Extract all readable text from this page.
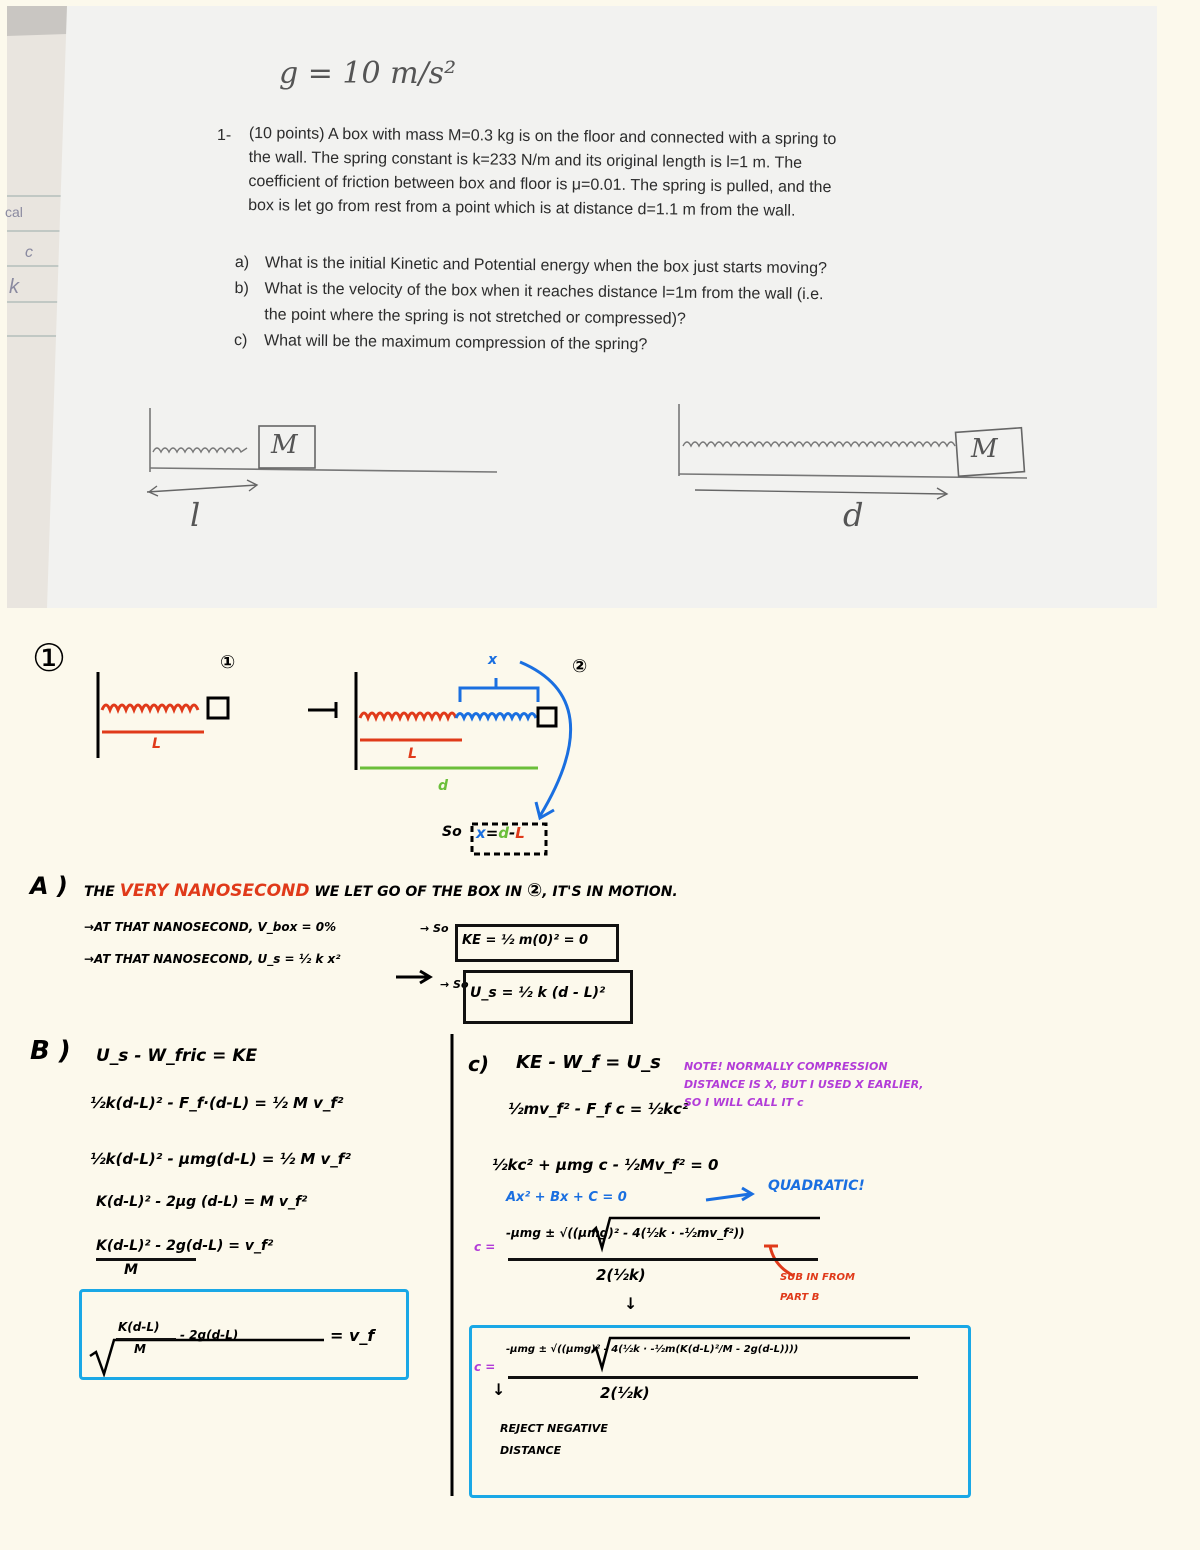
g = 10 m/s²
1- (10 points) A box with mass M=0.3 kg is on the floor and connected with a spring to
the wall. The spring constant is k=233 N/m and its original length is l=1 m. The
coefficient of friction between box and floor is μ=0.01. The spring is pulled, and the
box is let go from rest from a point which is at distance d=1.1 m from the wall.
a) What is the initial Kinetic and Potential energy when the box just starts moving?
b) What is the velocity of the box when it reaches distance l=1m from the wall (i.e.
the point where the spring is not stretched or compressed)?
c) What will be the maximum compression of the spring?
M
l
M
d
cal
c
k
①	①	②
L
L
d
x
So x=d-L
A ) THE VERY NANOSECOND WE LET GO OF THE BOX IN ②, IT'S IN MOTION.
→AT THAT NANOSECOND, V_box = 0%	→ So
KE = ½ m(0)² = 0
→AT THAT NANOSECOND, U_s = ½ k x²
→ So
U_s = ½ k (d - L)²
B ) U_s - W_fric = KE
½k(d-L)² - F_f·(d-L) = ½ M v_f²
½k(d-L)² - μmg(d-L) = ½ M v_f²
K(d-L)² - 2μg (d-L) = M v_f²
K(d-L)² - 2g(d-L) = v_f²
M
K(d-L)
M
- 2g(d-L)	= v_f
c) KE - W_f = U_s
½mv_f² - F_f c = ½kc²
½kc² + μmg c - ½Mv_f² = 0
Ax² + Bx + C = 0
QUADRATIC!
NOTE! NORMALLY COMPRESSION DISTANCE IS X, BUT I USED X EARLIER, SO I WILL CALL IT c
c =
-μmg ± √((μmg)² - 4(½k · -½mv_f²))
2(½k)	SUB IN FROM PART B
↓
c =
-μmg ± √((μmg)² - 4(½k · -½m(K(d-L)²/M - 2g(d-L))))
2(½k)
↓
REJECT NEGATIVE DISTANCE
